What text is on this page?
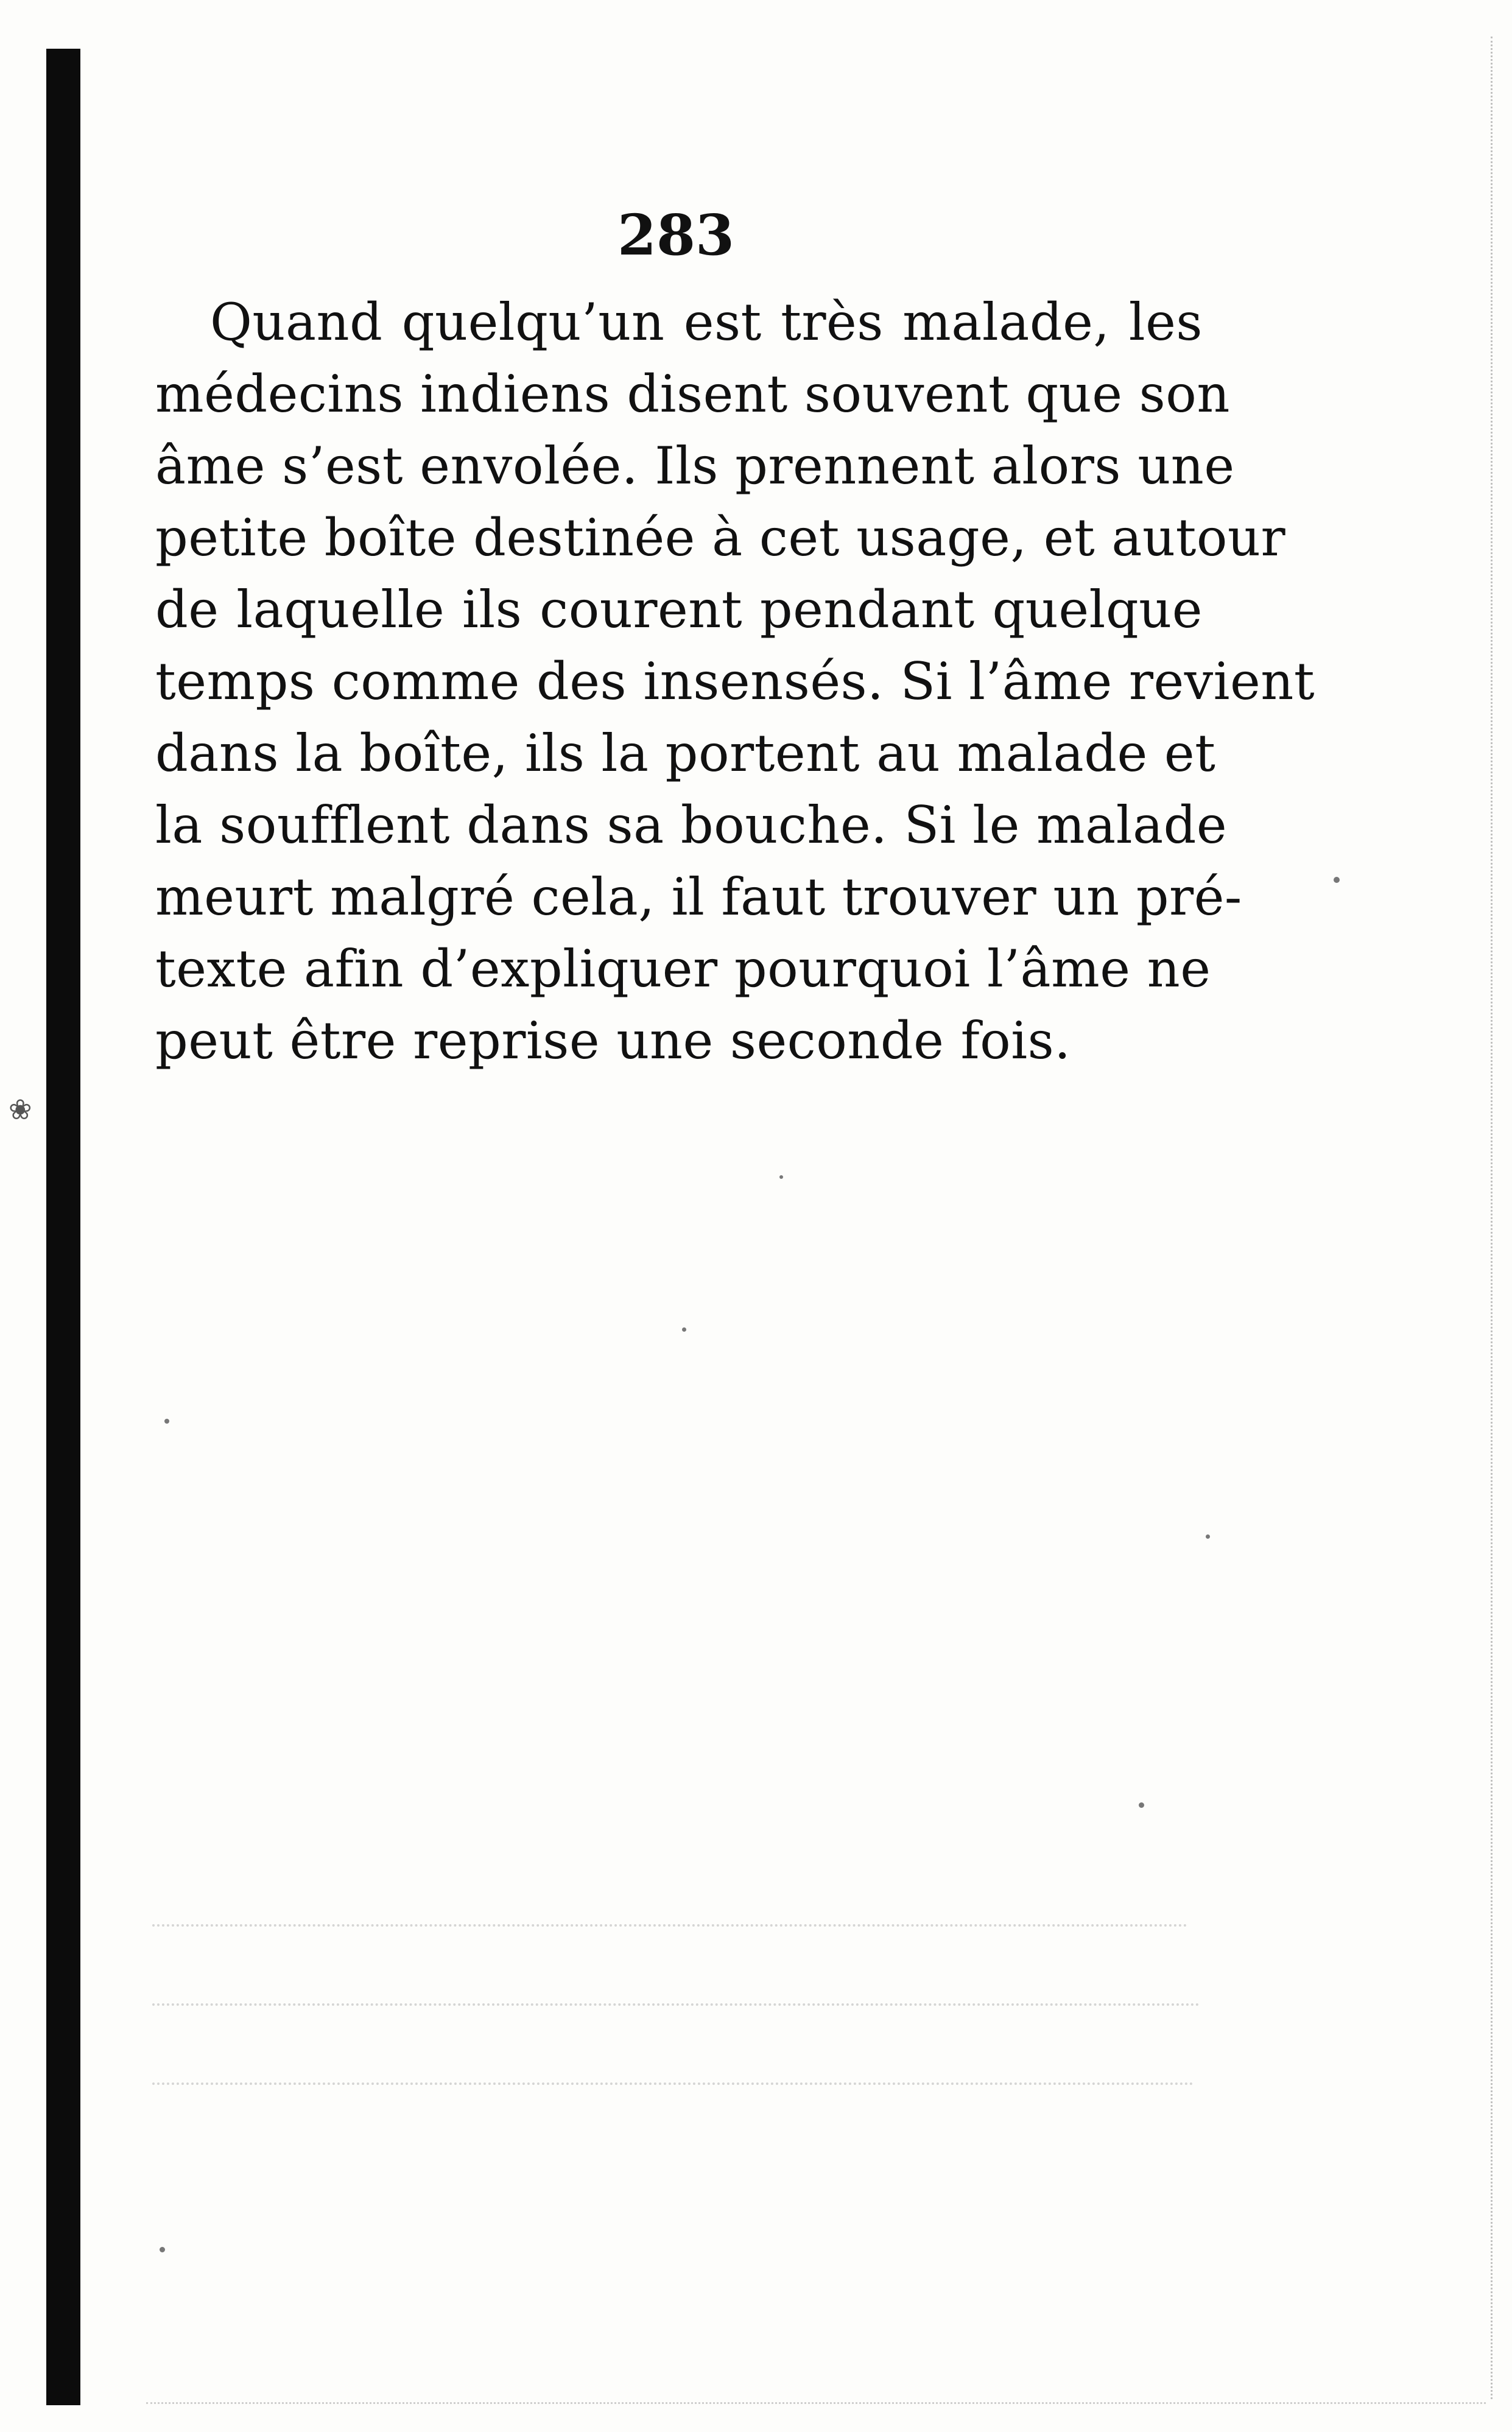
❀
283
Quand quelqu’un est très malade, les
médecins indiens disent souvent que son
âme s’est envolée. Ils prennent alors une
petite boîte destinée à cet usage, et autour
de laquelle ils courent pendant quelque
temps comme des insensés. Si l’âme revient
dans la boîte, ils la portent au malade et
la soufflent dans sa bouche. Si le malade
meurt malgré cela, il faut trouver un pré-
texte afin d’expliquer pourquoi l’âme ne
peut être reprise une seconde fois.
